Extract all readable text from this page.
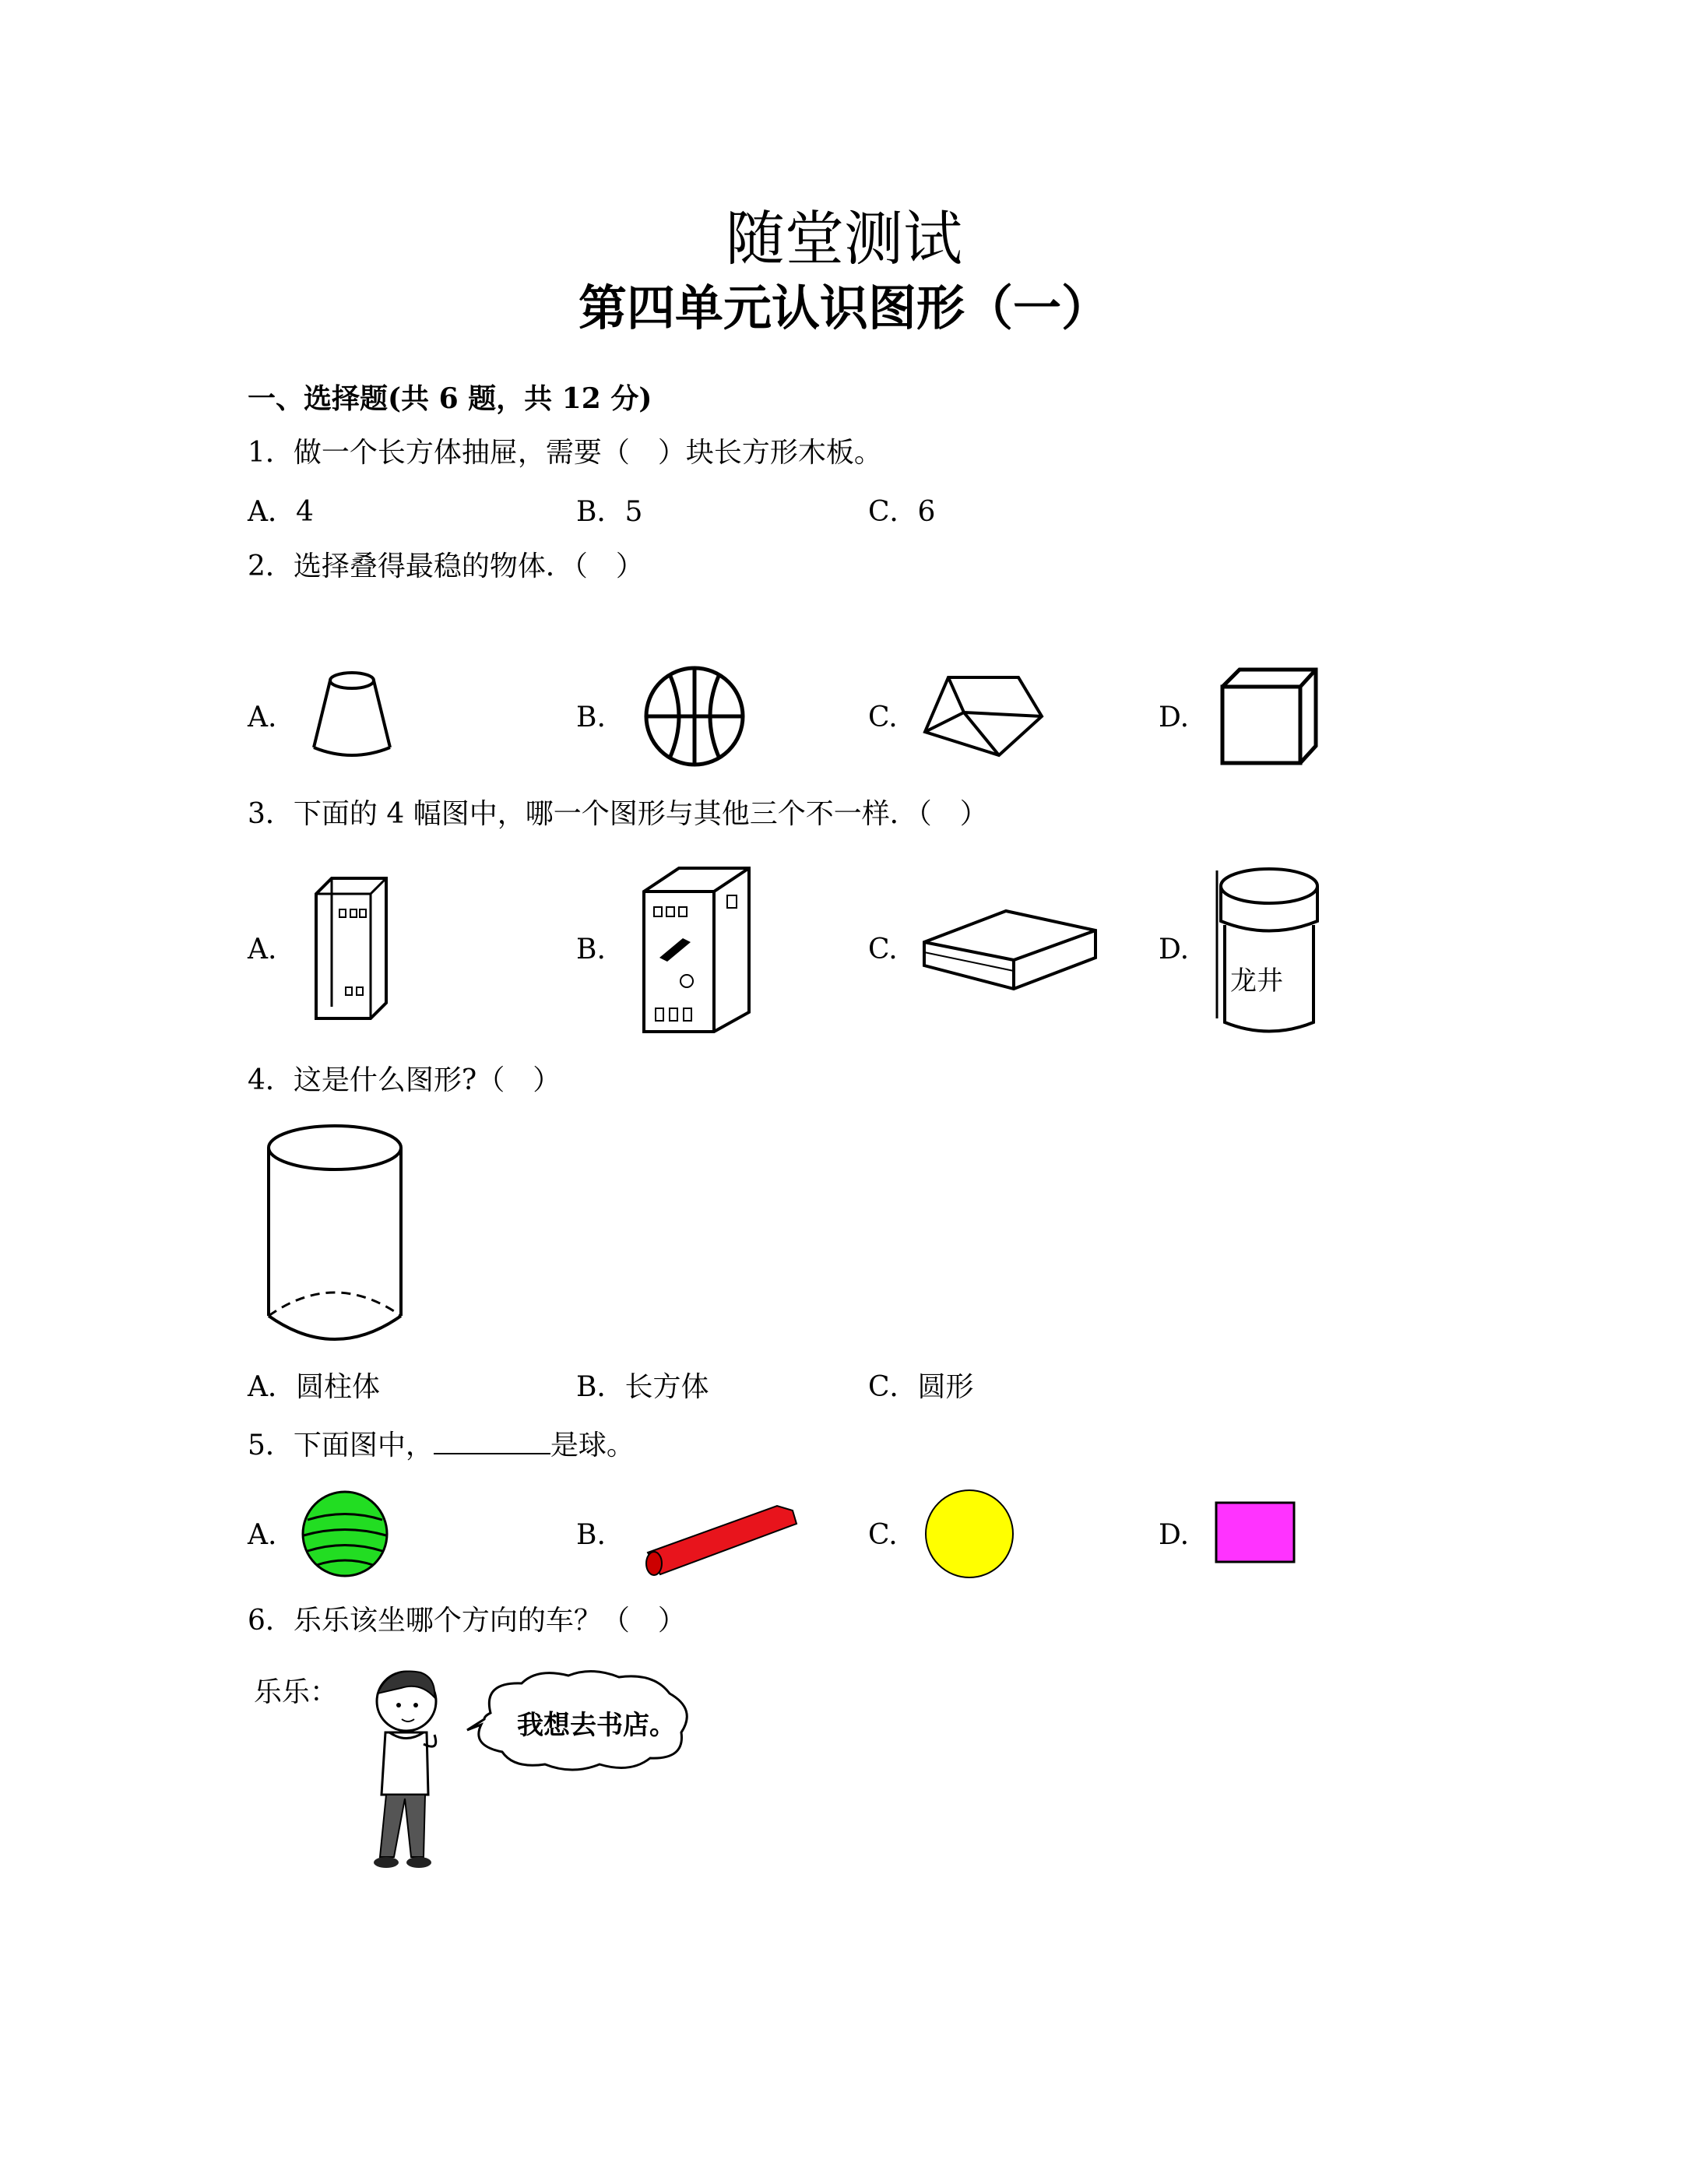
随堂测试
第四单元认识图形（一）
一、选择题(共 6 题，共 12 分)
1．做一个长方体抽屉，需要（　）块长方形木板。
A．4	B．5	C．6
2．选择叠得最稳的物体．（　）
A.	B.	C.	D.
3．下面的 4 幅图中，哪一个图形与其他三个不一样．（　）
A.	B.	C.	D.
龙井
4．这是什么图形?（　）
A．圆柱体	B．长方体	C．圆形
5．下面图中，	是球。
A.	B.	C.	D.
6．乐乐该坐哪个方向的车？（　）
乐乐：
我想去书店。
